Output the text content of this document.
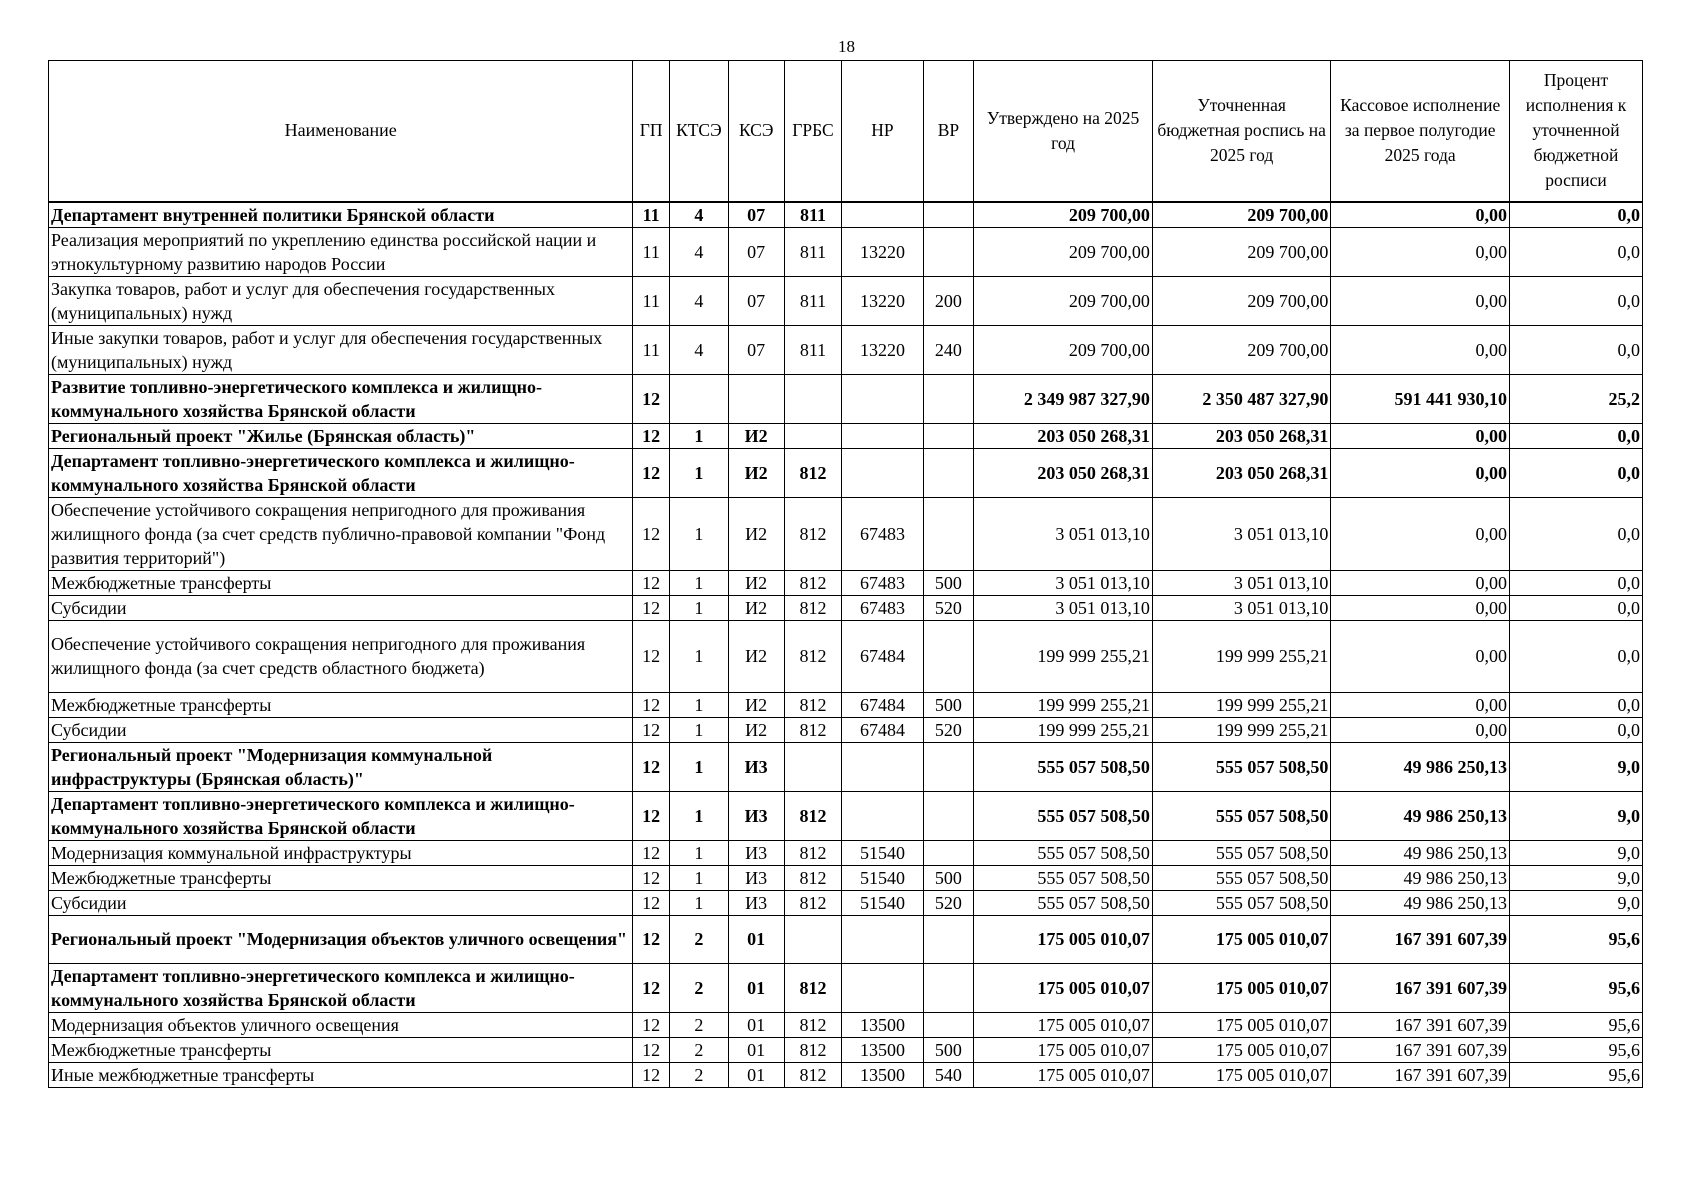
18
Наименование	ГП	КТСЭ	КСЭ	ГРБС	НР	ВР	Утверждено на 2025 год	Уточненная бюджетная роспись на 2025 год	Кассовое исполнение за первое полугодие 2025 года	Процент исполнения к уточненной бюджетной росписи
Департамент внутренней политики Брянской области	11	4	07	811			209 700,00	209 700,00	0,00	0,0
Реализация мероприятий по укреплению единства российской нации и этнокультурному развитию народов России	11	4	07	811	13220		209 700,00	209 700,00	0,00	0,0
Закупка товаров, работ и услуг для обеспечения государственных (муниципальных) нужд	11	4	07	811	13220	200	209 700,00	209 700,00	0,00	0,0
Иные закупки товаров, работ и услуг для обеспечения государственных (муниципальных) нужд	11	4	07	811	13220	240	209 700,00	209 700,00	0,00	0,0
Развитие топливно-энергетического комплекса и жилищно-коммунального хозяйства Брянской области	12						2 349 987 327,90	2 350 487 327,90	591 441 930,10	25,2
Региональный проект "Жилье (Брянская область)"	12	1	И2				203 050 268,31	203 050 268,31	0,00	0,0
Департамент топливно-энергетического комплекса и жилищно-коммунального хозяйства Брянской области	12	1	И2	812			203 050 268,31	203 050 268,31	0,00	0,0
Обеспечение устойчивого сокращения непригодного для проживания жилищного фонда (за счет средств публично-правовой компании "Фонд развития территорий")	12	1	И2	812	67483		3 051 013,10	3 051 013,10	0,00	0,0
Межбюджетные трансферты	12	1	И2	812	67483	500	3 051 013,10	3 051 013,10	0,00	0,0
Субсидии	12	1	И2	812	67483	520	3 051 013,10	3 051 013,10	0,00	0,0
Обеспечение устойчивого сокращения непригодного для проживания жилищного фонда (за счет средств областного бюджета)	12	1	И2	812	67484		199 999 255,21	199 999 255,21	0,00	0,0
Межбюджетные трансферты	12	1	И2	812	67484	500	199 999 255,21	199 999 255,21	0,00	0,0
Субсидии	12	1	И2	812	67484	520	199 999 255,21	199 999 255,21	0,00	0,0
Региональный проект "Модернизация коммунальной инфраструктуры (Брянская область)"	12	1	И3				555 057 508,50	555 057 508,50	49 986 250,13	9,0
Департамент топливно-энергетического комплекса и жилищно-коммунального хозяйства Брянской области	12	1	И3	812			555 057 508,50	555 057 508,50	49 986 250,13	9,0
Модернизация коммунальной инфраструктуры	12	1	И3	812	51540		555 057 508,50	555 057 508,50	49 986 250,13	9,0
Межбюджетные трансферты	12	1	И3	812	51540	500	555 057 508,50	555 057 508,50	49 986 250,13	9,0
Субсидии	12	1	И3	812	51540	520	555 057 508,50	555 057 508,50	49 986 250,13	9,0
Региональный проект "Модернизация объектов уличного освещения"	12	2	01				175 005 010,07	175 005 010,07	167 391 607,39	95,6
Департамент топливно-энергетического комплекса и жилищно-коммунального хозяйства Брянской области	12	2	01	812			175 005 010,07	175 005 010,07	167 391 607,39	95,6
Модернизация объектов уличного освещения	12	2	01	812	13500		175 005 010,07	175 005 010,07	167 391 607,39	95,6
Межбюджетные трансферты	12	2	01	812	13500	500	175 005 010,07	175 005 010,07	167 391 607,39	95,6
Иные межбюджетные трансферты	12	2	01	812	13500	540	175 005 010,07	175 005 010,07	167 391 607,39	95,6
